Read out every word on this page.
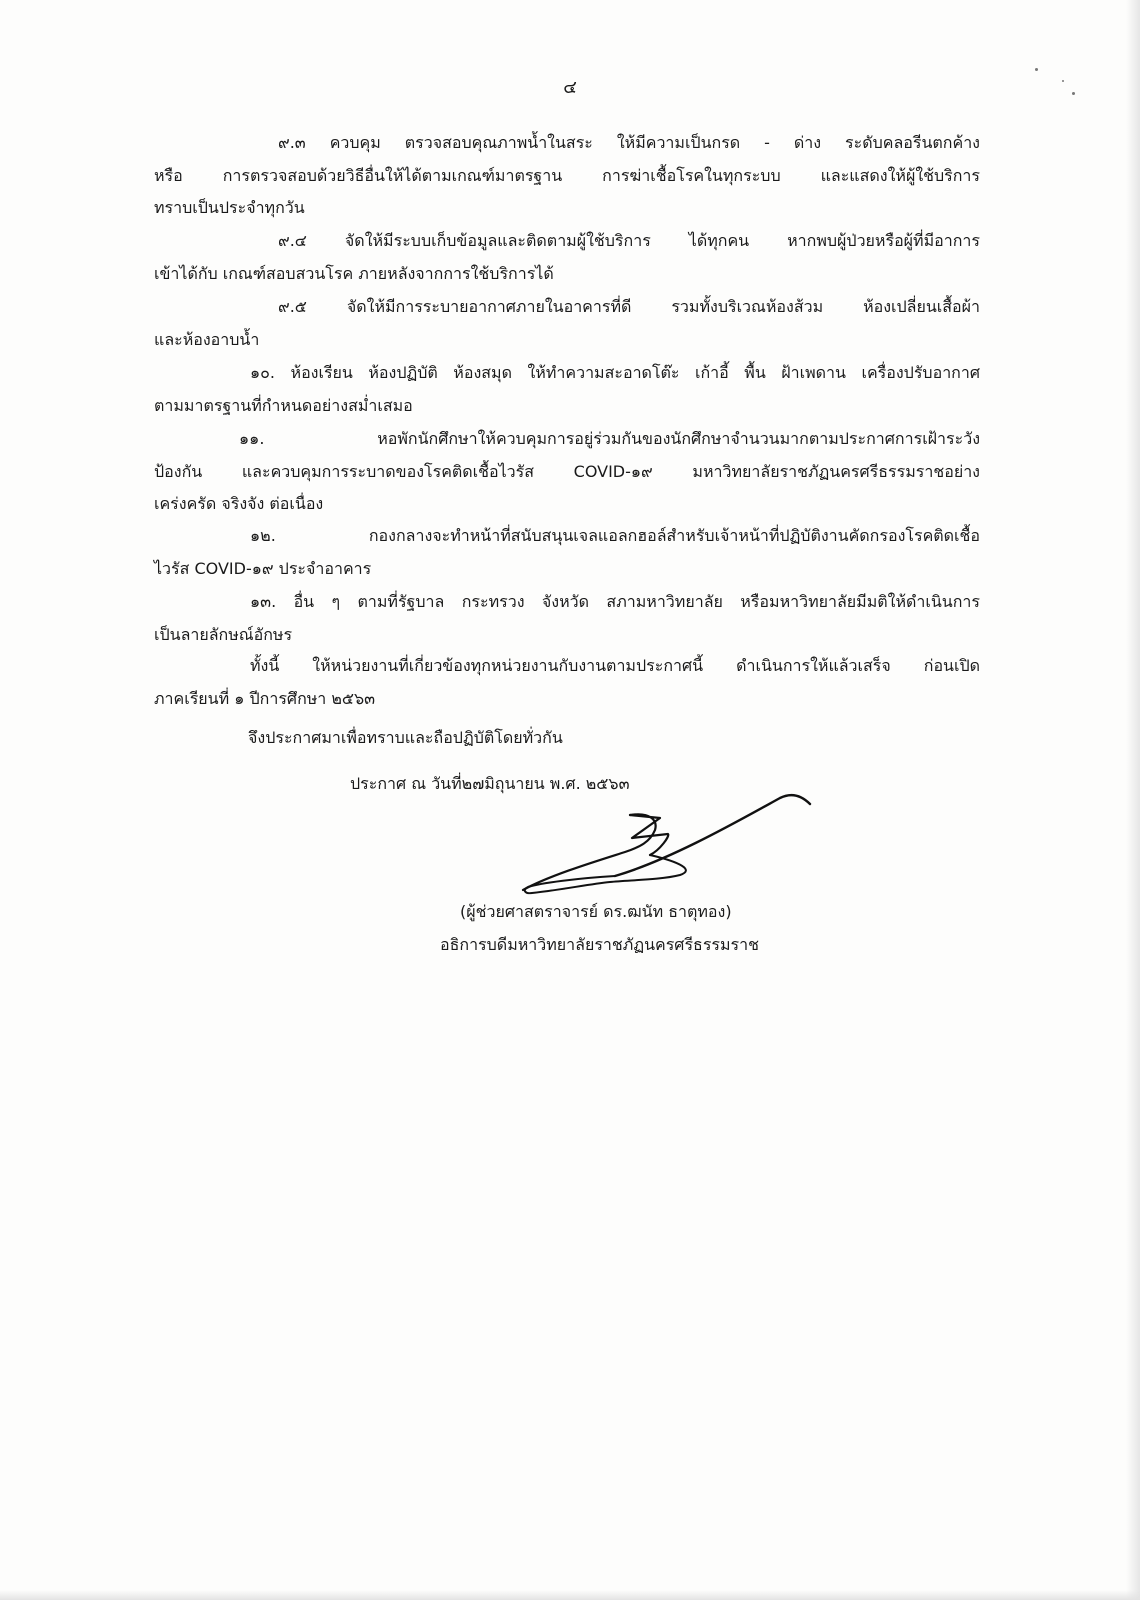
๔
๙.๓ ควบคุม ตรวจสอบคุณภาพน้ำในสระ ให้มีความเป็นกรด - ด่าง ระดับคลอรีนตกค้าง
หรือ การตรวจสอบด้วยวิธีอื่นให้ได้ตามเกณฑ์มาตรฐาน การฆ่าเชื้อโรคในทุกระบบ และแสดงให้ผู้ใช้บริการ
ทราบเป็นประจำทุกวัน
๙.๔ จัดให้มีระบบเก็บข้อมูลและติดตามผู้ใช้บริการ ได้ทุกคน หากพบผู้ป่วยหรือผู้ที่มีอาการ
เข้าได้กับ เกณฑ์สอบสวนโรค ภายหลังจากการใช้บริการได้
๙.๕ จัดให้มีการระบายอากาศภายในอาคารที่ดี รวมทั้งบริเวณห้องส้วม ห้องเปลี่ยนเสื้อผ้า
และห้องอาบน้ำ
๑๐. ห้องเรียน ห้องปฏิบัติ ห้องสมุด ให้ทำความสะอาดโต๊ะ เก้าอี้ พื้น ฝ้าเพดาน เครื่องปรับอากาศ
ตามมาตรฐานที่กำหนดอย่างสม่ำเสมอ
๑๑. หอพักนักศึกษาให้ควบคุมการอยู่ร่วมกันของนักศึกษาจำนวนมากตามประกาศการเฝ้าระวัง
ป้องกัน และควบคุมการระบาดของโรคติดเชื้อไวรัส COVID-๑๙ มหาวิทยาลัยราชภัฏนครศรีธรรมราชอย่าง
เคร่งครัด จริงจัง ต่อเนื่อง
๑๒. กองกลางจะทำหน้าที่สนับสนุนเจลแอลกฮอล์สำหรับเจ้าหน้าที่ปฏิบัติงานคัดกรองโรคติดเชื้อ
ไวรัส COVID-๑๙ ประจำอาคาร
๑๓. อื่น ๆ ตามที่รัฐบาล กระทรวง จังหวัด สภามหาวิทยาลัย หรือมหาวิทยาลัยมีมติให้ดำเนินการ
เป็นลายลักษณ์อักษร
ทั้งนี้ ให้หน่วยงานที่เกี่ยวข้องทุกหน่วยงานกับงานตามประกาศนี้ ดำเนินการให้แล้วเสร็จ ก่อนเปิด
ภาคเรียนที่ ๑ ปีการศึกษา ๒๕๖๓
จึงประกาศมาเพื่อทราบและถือปฏิบัติโดยทั่วกัน
ประกาศ ณ วันที่๒๗มิถุนายน พ.ศ. ๒๕๖๓
(ผู้ช่วยศาสตราจารย์ ดร.ฒนัท ธาตุทอง)
อธิการบดีมหาวิทยาลัยราชภัฏนครศรีธรรมราช
